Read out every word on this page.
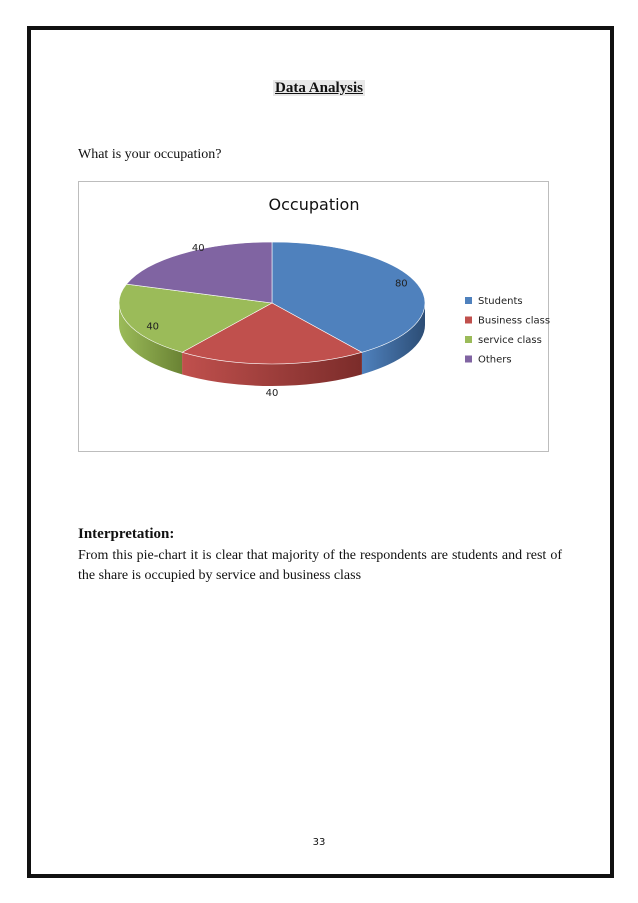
Data Analysis
What is your occupation?
Occupation
80
40
40
40
Students
Business class
service class
Others
Interpretation:
From this pie-chart it is clear that majority of the respondents are students and rest of the share is occupied by service and business class
33
